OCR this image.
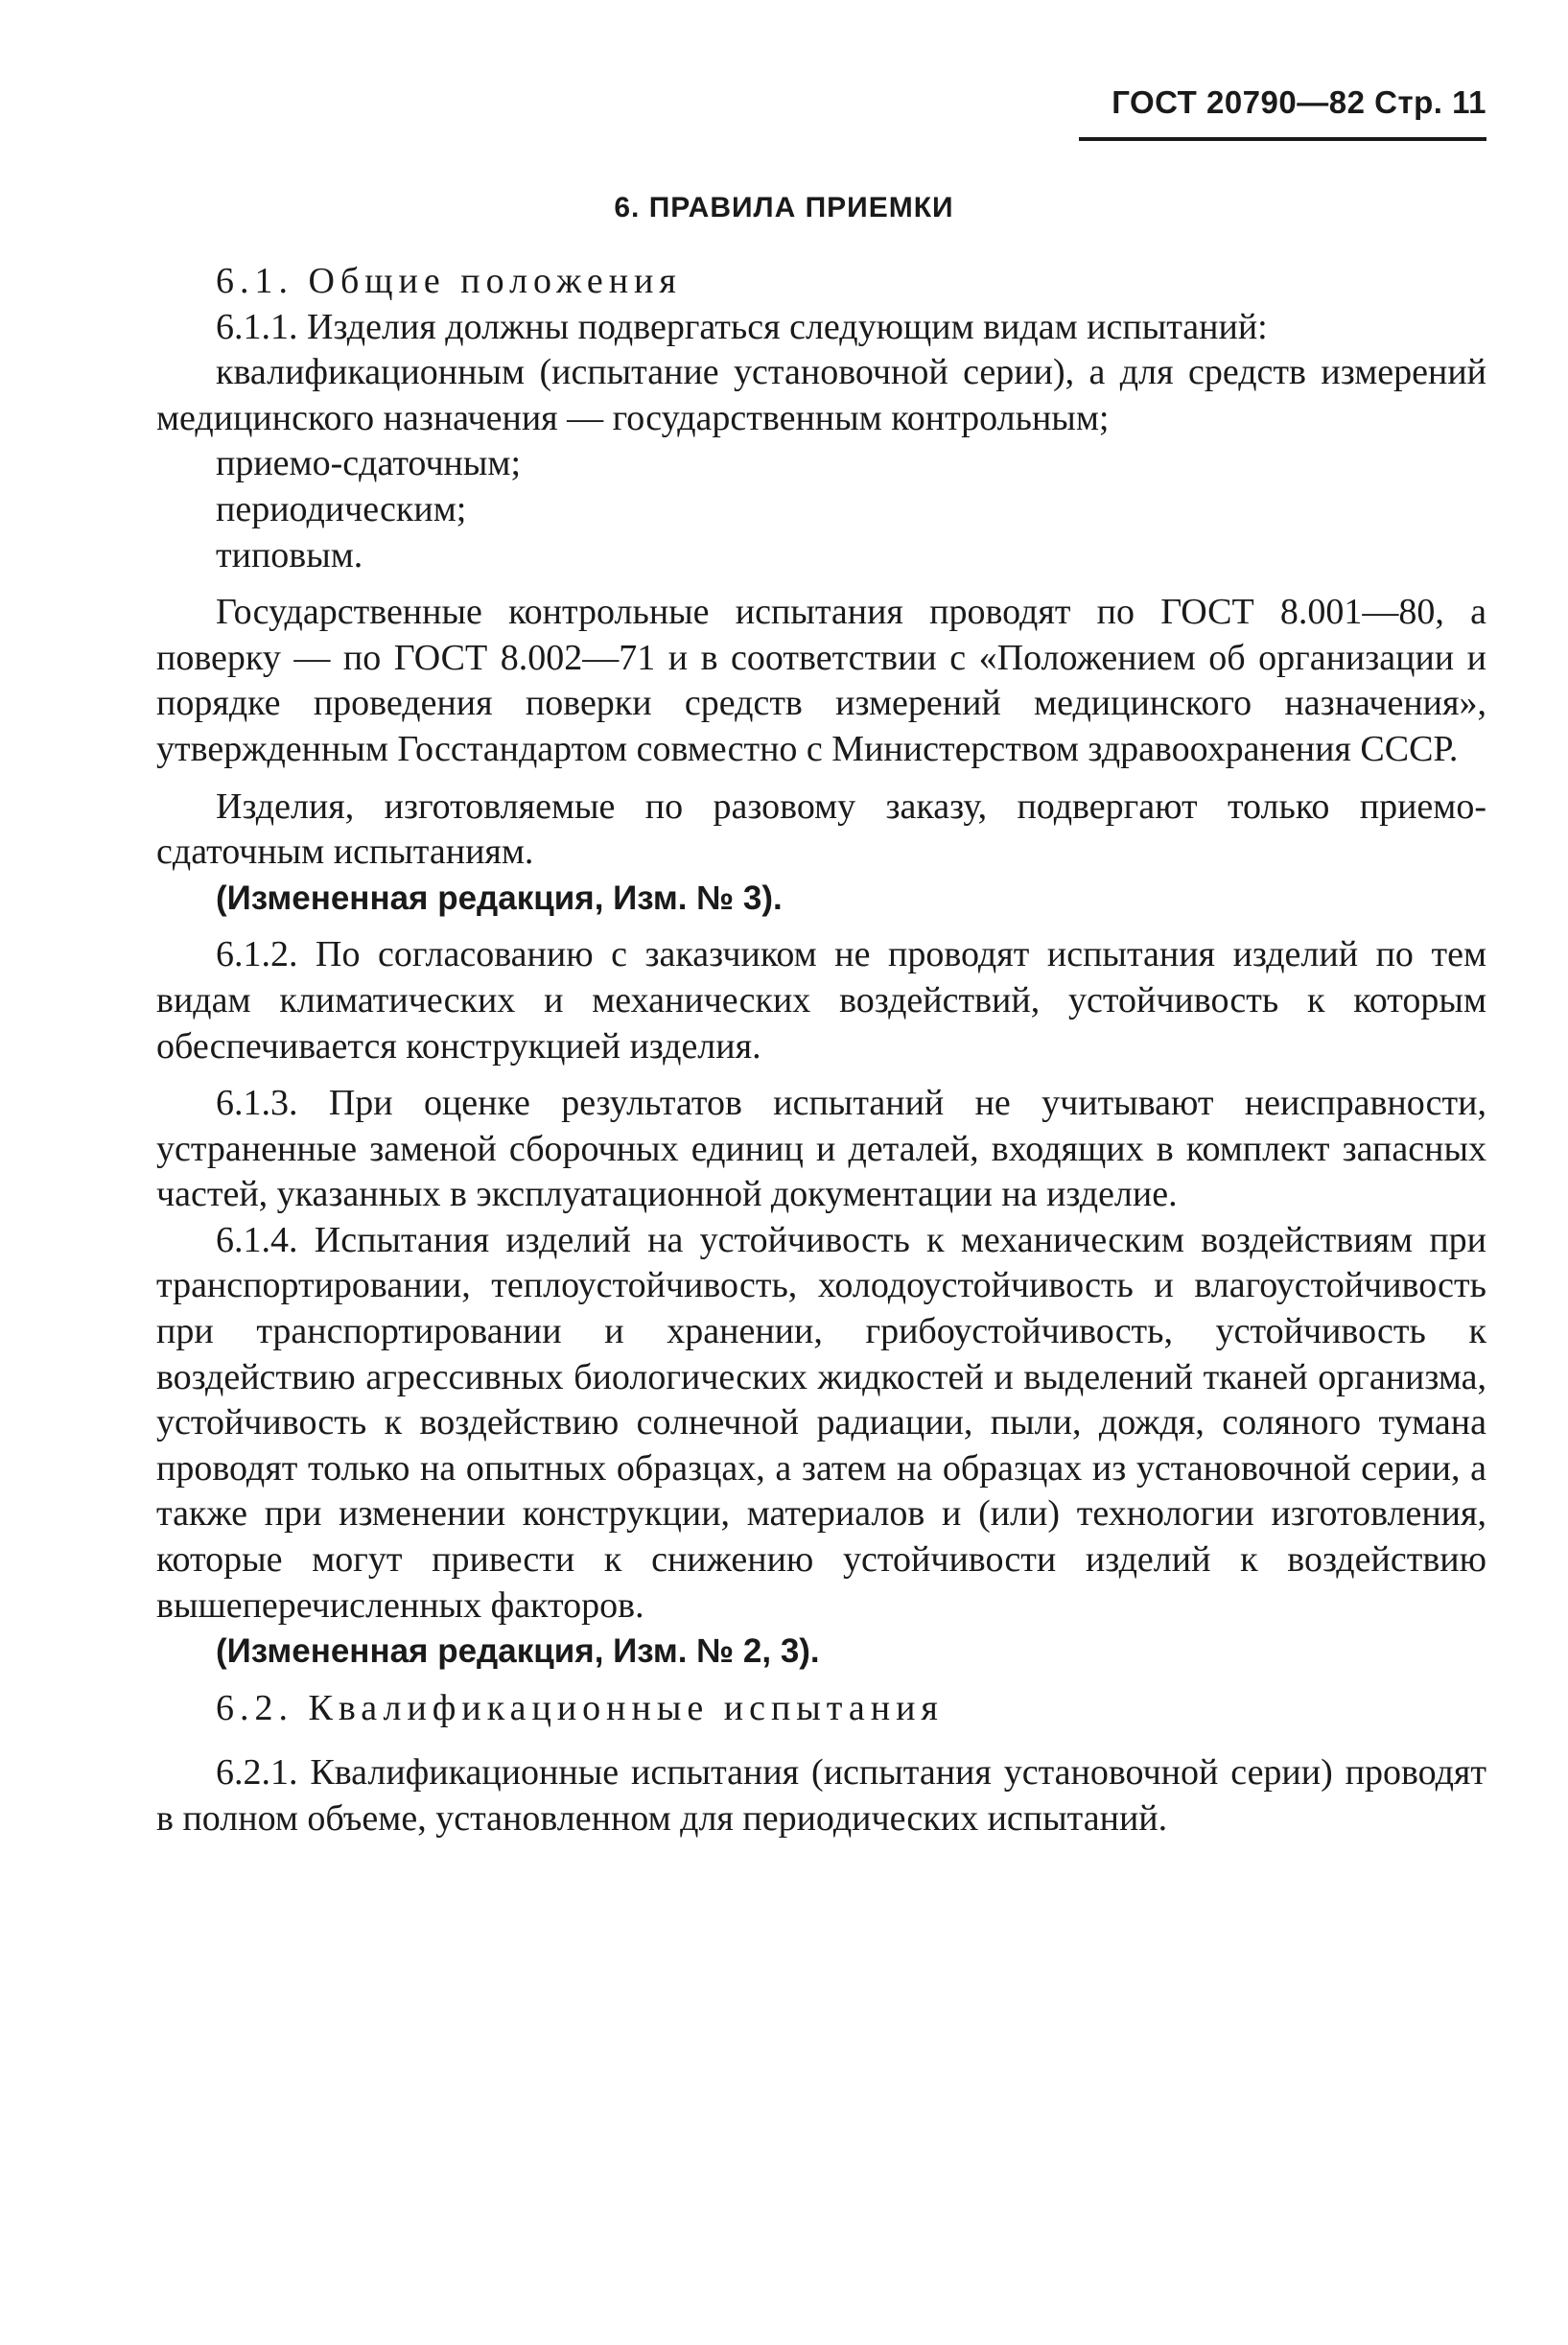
ГОСТ 20790—82 Стр. 11
6. ПРАВИЛА ПРИЕМКИ

6.1. Общие положения

6.1.1. Изделия должны подвергаться следующим видам испытаний:

квалификационным (испытание установочной серии), а для средств измерений медицинского назначения — государственным контрольным;

приемо-сдаточным;

периодическим;

типовым.

Государственные контрольные испытания проводят по ГОСТ 8.001—80, а поверку — по ГОСТ 8.002—71 и в соответствии с «Положением об организации и порядке проведения поверки средств измерений медицинского назначения», утвержденным Госстандартом совместно с Министерством здравоохранения СССР.

Изделия, изготовляемые по разовому заказу, подвергают только приемо-сдаточным испытаниям.

(Измененная редакция, Изм. № 3).

6.1.2. По согласованию с заказчиком не проводят испытания изделий по тем видам климатических и механических воздействий, устойчивость к которым обеспечивается конструкцией изделия.

6.1.3. При оценке результатов испытаний не учитывают неисправности, устраненные заменой сборочных единиц и деталей, входящих в комплект запасных частей, указанных в эксплуатационной документации на изделие.

6.1.4. Испытания изделий на устойчивость к механическим воздействиям при транспортировании, теплоустойчивость, холодоустойчивость и влагоустойчивость при транспортировании и хранении, грибоустойчивость, устойчивость к воздействию агрессивных биологических жидкостей и выделений тканей организма, устойчивость к воздействию солнечной радиации, пыли, дождя, соляного тумана проводят только на опытных образцах, а затем на образцах из установочной серии, а также при изменении конструкции, материалов и (или) технологии изготовления, которые могут привести к снижению устойчивости изделий к воздействию вышеперечисленных факторов.

(Измененная редакция, Изм. № 2, 3).

6.2. Квалификационные испытания

6.2.1. Квалификационные испытания (испытания установочной серии) проводят в полном объеме, установленном для периодических испытаний.
